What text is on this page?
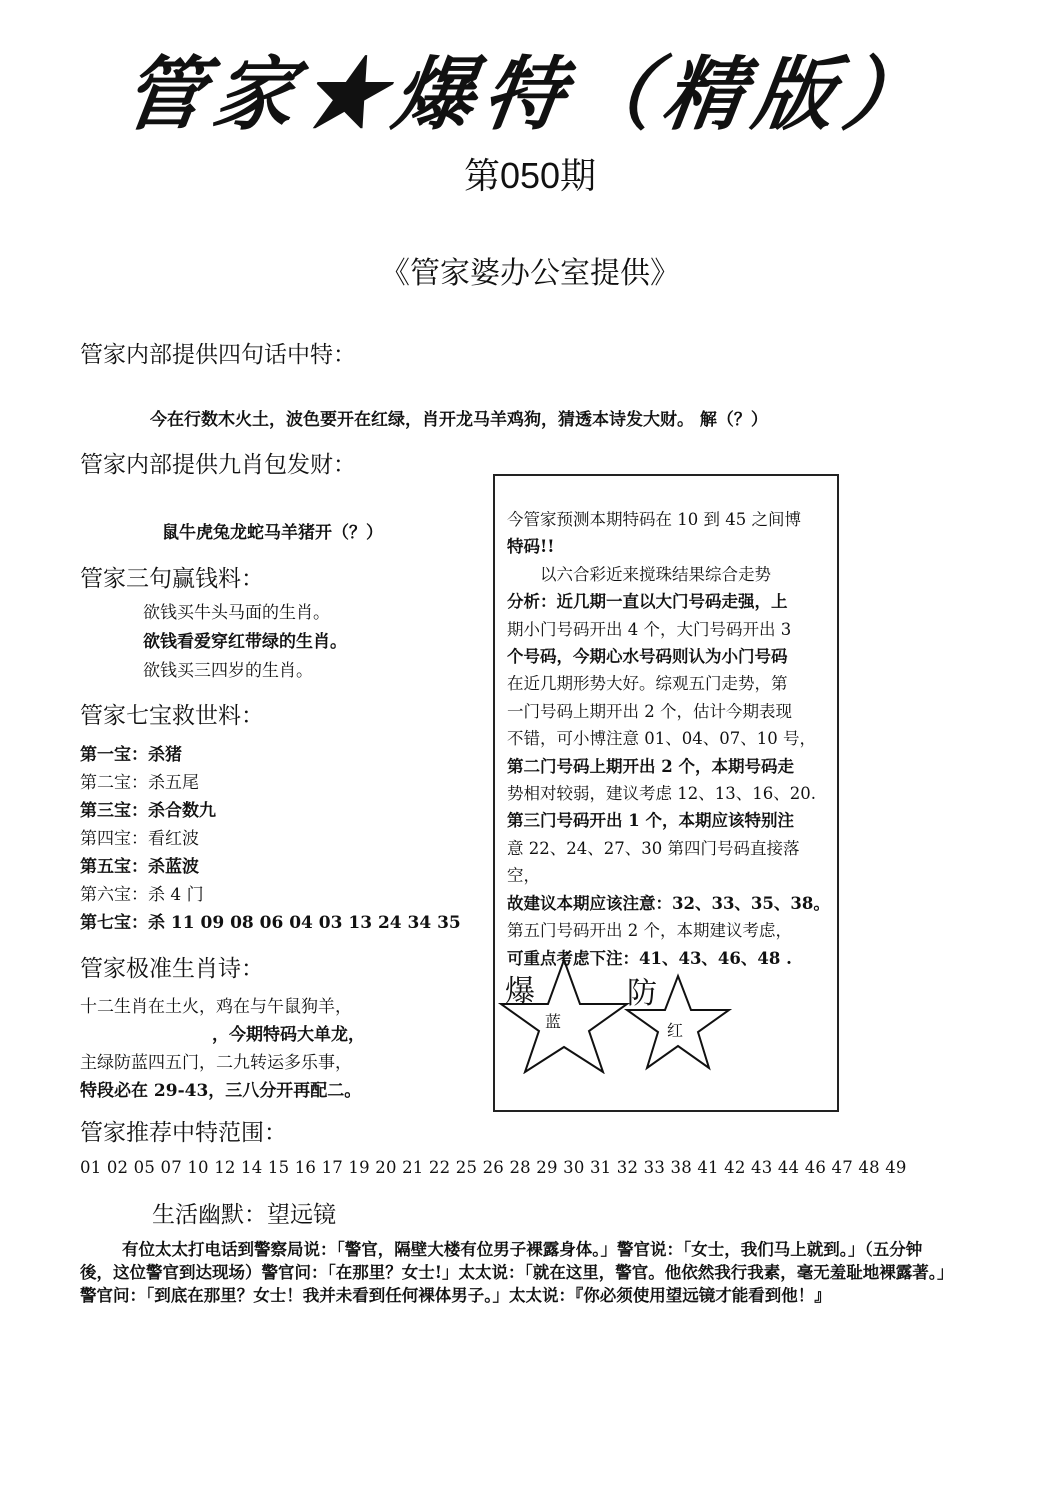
管家★爆特（精版）
第050期
《管家婆办公室提供》
管家内部提供四句话中特：
今在行数木火土，波色要开在红绿，肖开龙马羊鸡狗，猜透本诗发大财。 解（？）
管家内部提供九肖包发财：
鼠牛虎兔龙蛇马羊猪开（？）
管家三句赢钱料：
欲钱买牛头马面的生肖。
欲钱看爱穿红带绿的生肖。
欲钱买三四岁的生肖。
管家七宝救世料：
第一宝：杀猪
第二宝：杀五尾
第三宝：杀合数九
第四宝：看红波
第五宝：杀蓝波
第六宝：杀 4 门
第七宝：杀 11 09 08 06 04 03 13 24 34 35
管家极准生肖诗：
十二生肖在土火，鸡在与午鼠狗羊，
，今期特码大单龙，
主绿防蓝四五门，二九转运多乐事，
特段必在 29-43，三八分开再配二。
今管家预测本期特码在 10 到 45 之间博
特码!!
　　以六合彩近来搅珠结果综合走势
分析：近几期一直以大门号码走强，上
期小门号码开出 4 个，大门号码开出 3
个号码，今期心水号码则认为小门号码
在近几期形势大好。综观五门走势，第
一门号码上期开出 2 个，估计今期表现
不错，可小博注意 01、04、07、10 号，
第二门号码上期开出 2 个，本期号码走
势相对较弱，建议考虑 12、13、16、20.
第三门号码开出 1 个，本期应该特别注
意 22、24、27、30 第四门号码直接落空，
故建议本期应该注意：32、33、35、38。
第五门号码开出 2 个，本期建议考虑，
可重点考虑下注：41、43、46、48 .
爆
蓝
防
红
管家推荐中特范围：
01 02 05 07 10 12 14 15 16 17 19 20 21 22 25 26 28 29 30 31 32 33 38 41 42 43 44 46 47 48 49
生活幽默：望远镜
有位太太打电话到警察局说：「警官，隔壁大楼有位男子裸露身体。」警官说：「女士，我们马上就到。」（五分钟後，这位警官到达现场）警官问：「在那里？女士!」太太说：「就在这里，警官。他依然我行我素，毫无羞耻地裸露著。」警官问：「到底在那里？女士！我并未看到任何裸体男子。」太太说：『你必须使用望远镜才能看到他！』
